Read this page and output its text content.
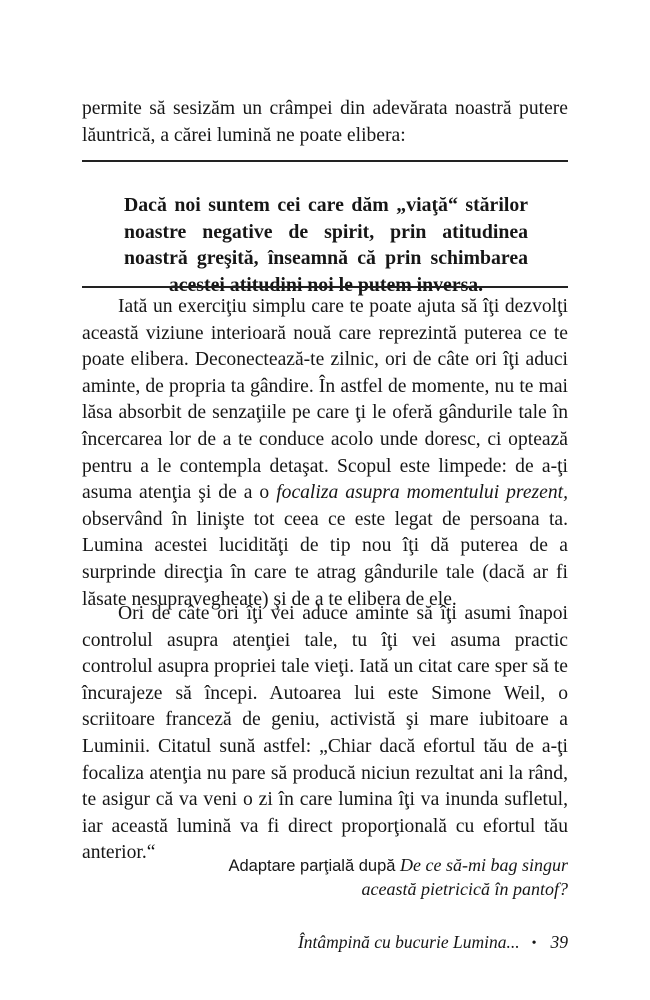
permite să sesizăm un crâmpei din adevărata noastră putere lăuntrică, a cărei lumină ne poate elibera:

Dacă noi suntem cei care dăm „viaţă“ stărilor noastre negative de spirit, prin atitudinea noastră greşită, înseamnă că prin schimbarea acestei atitudini noi le putem inversa.

Iată un exerciţiu simplu care te poate ajuta să îţi dezvolţi această viziune interioară nouă care reprezintă puterea ce te poate elibera. Deconectează-te zilnic, ori de câte ori îţi aduci aminte, de propria ta gândire. În astfel de momente, nu te mai lăsa absorbit de senzaţiile pe care ţi le oferă gândurile tale în încercarea lor de a te conduce acolo unde doresc, ci optează pentru a le contempla detaşat. Scopul este limpede: de a-ţi asuma atenţia şi de a o focaliza asupra momentului prezent, observând în linişte tot ceea ce este legat de persoana ta. Lumina acestei lucidităţi de tip nou îţi dă puterea de a surprinde direcţia în care te atrag gândurile tale (dacă ar fi lăsate nesupravegheate) şi de a te elibera de ele.

Ori de câte ori îţi vei aduce aminte să îţi asumi înapoi controlul asupra atenţiei tale, tu îţi vei asuma practic controlul asupra propriei tale vieţi. Iată un citat care sper să te încurajeze să începi. Autoarea lui este Simone Weil, o scriitoare franceză de geniu, activistă şi mare iubitoare a Luminii. Citatul sună astfel: „Chiar dacă efortul tău de a-ţi focaliza atenţia nu pare să producă niciun rezultat ani la rând, te asigur că va veni o zi în care lumina îţi va inunda sufletul, iar această lumină va fi direct proporţională cu efortul tău anterior.“

Adaptare parţială după De ce să-mi bag singur această pietricică în pantof?
Întâmpină cu bucurie Lumina... • 39
